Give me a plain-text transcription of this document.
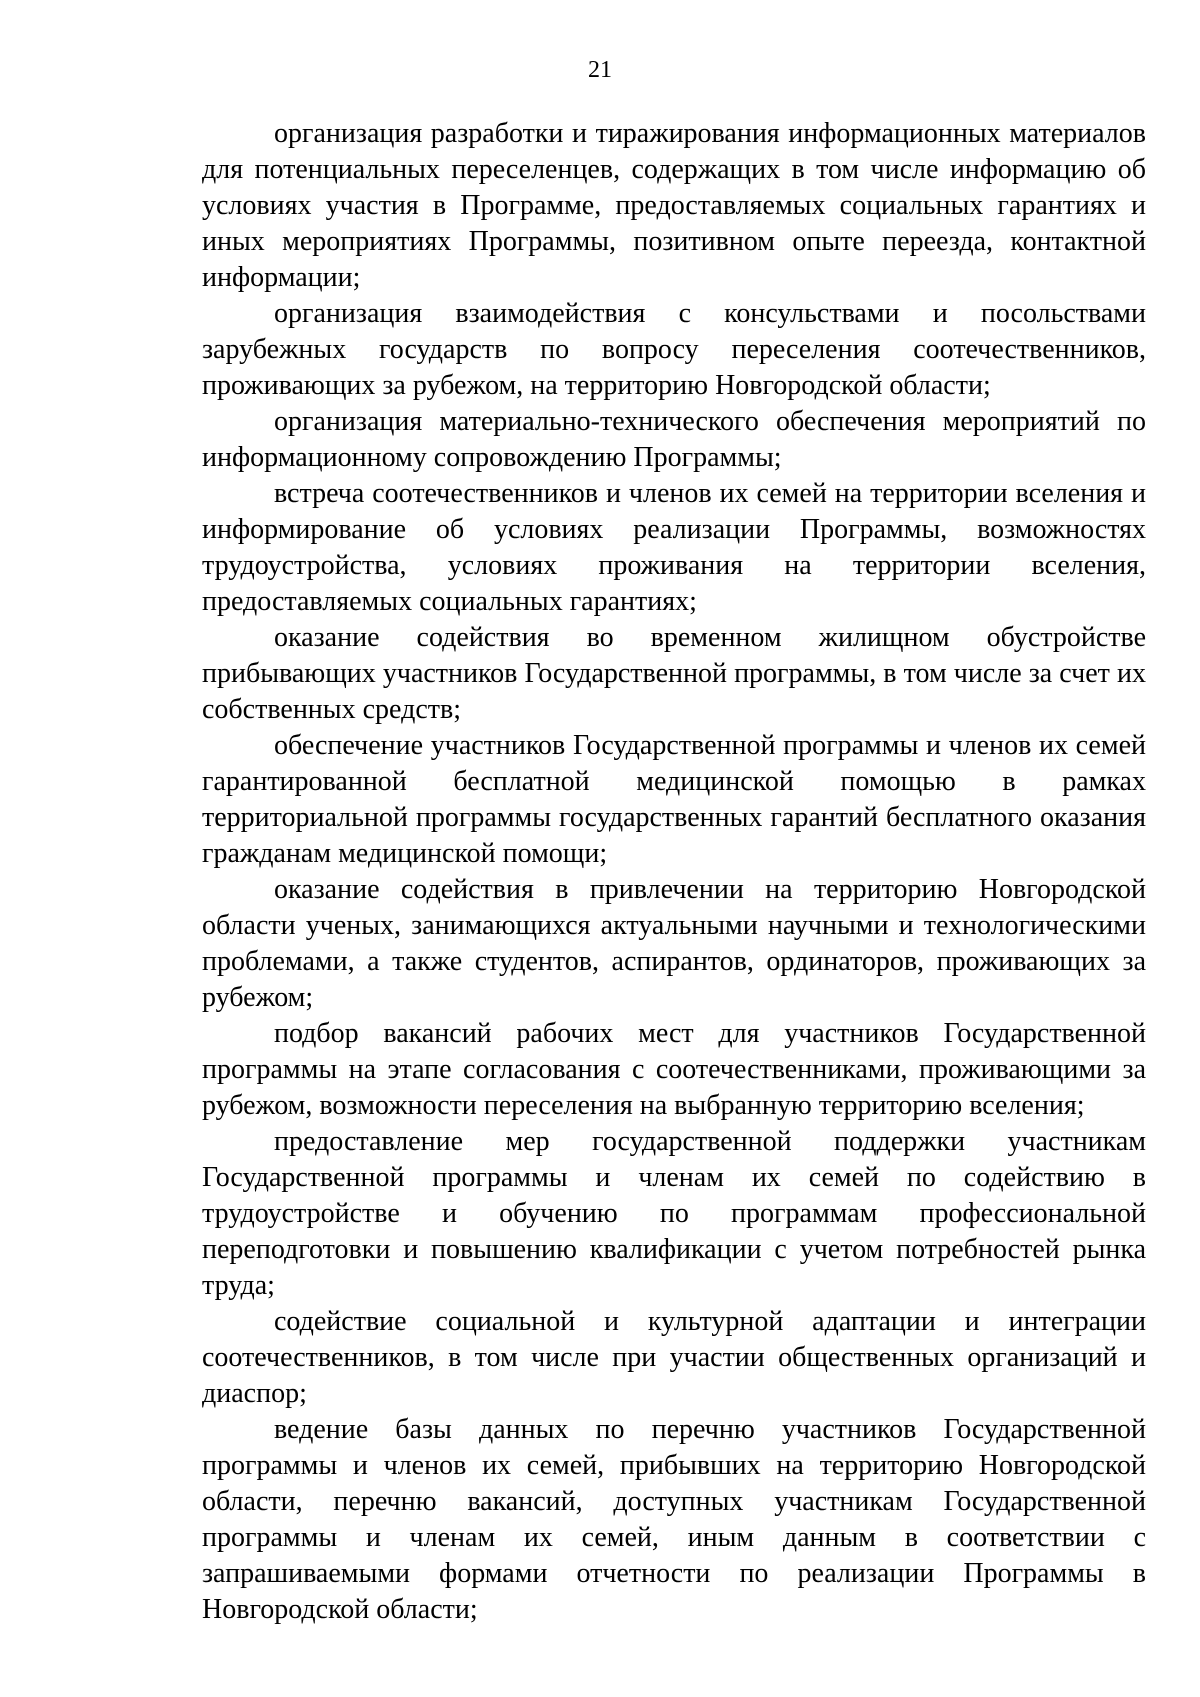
21

организация разработки и тиражирования информационных материалов для потенциальных переселенцев, содержащих в том числе информацию об условиях участия в Программе, предоставляемых социальных гарантиях и иных мероприятиях Программы, позитивном опыте переезда, контактной информации;

организация взаимодействия с консульствами и посольствами зарубежных государств по вопросу переселения соотечественников, проживающих за рубежом, на территорию Новгородской области;

организация материально-технического обеспечения мероприятий по информационному сопровождению Программы;

встреча соотечественников и членов их семей на территории вселения и информирование об условиях реализации Программы, возможностях трудоустройства, условиях проживания на территории вселения, предоставляемых социальных гарантиях;

оказание содействия во временном жилищном обустройстве прибывающих участников Государственной программы, в том числе за счет их собственных средств;

обеспечение участников Государственной программы и членов их семей гарантированной бесплатной медицинской помощью в рамках территориальной программы государственных гарантий бесплатного оказания гражданам медицинской помощи;

оказание содействия в привлечении на территорию Новгородской области ученых, занимающихся актуальными научными и технологическими проблемами, а также студентов, аспирантов, ординаторов, проживающих за рубежом;

подбор вакансий рабочих мест для участников Государственной программы на этапе согласования с соотечественниками, проживающими за рубежом, возможности переселения на выбранную территорию вселения;

предоставление мер государственной поддержки участникам Государственной программы и членам их семей по содействию в трудоустройстве и обучению по программам профессиональной переподготовки и повышению квалификации с учетом потребностей рынка труда;

содействие социальной и культурной адаптации и интеграции соотечественников, в том числе при участии общественных организаций и диаспор;

ведение базы данных по перечню участников Государственной программы и членов их семей, прибывших на территорию Новгородской области, перечню вакансий, доступных участникам Государственной программы и членам их семей, иным данным в соответствии с запрашиваемыми формами отчетности по реализации Программы в Новгородской области;
